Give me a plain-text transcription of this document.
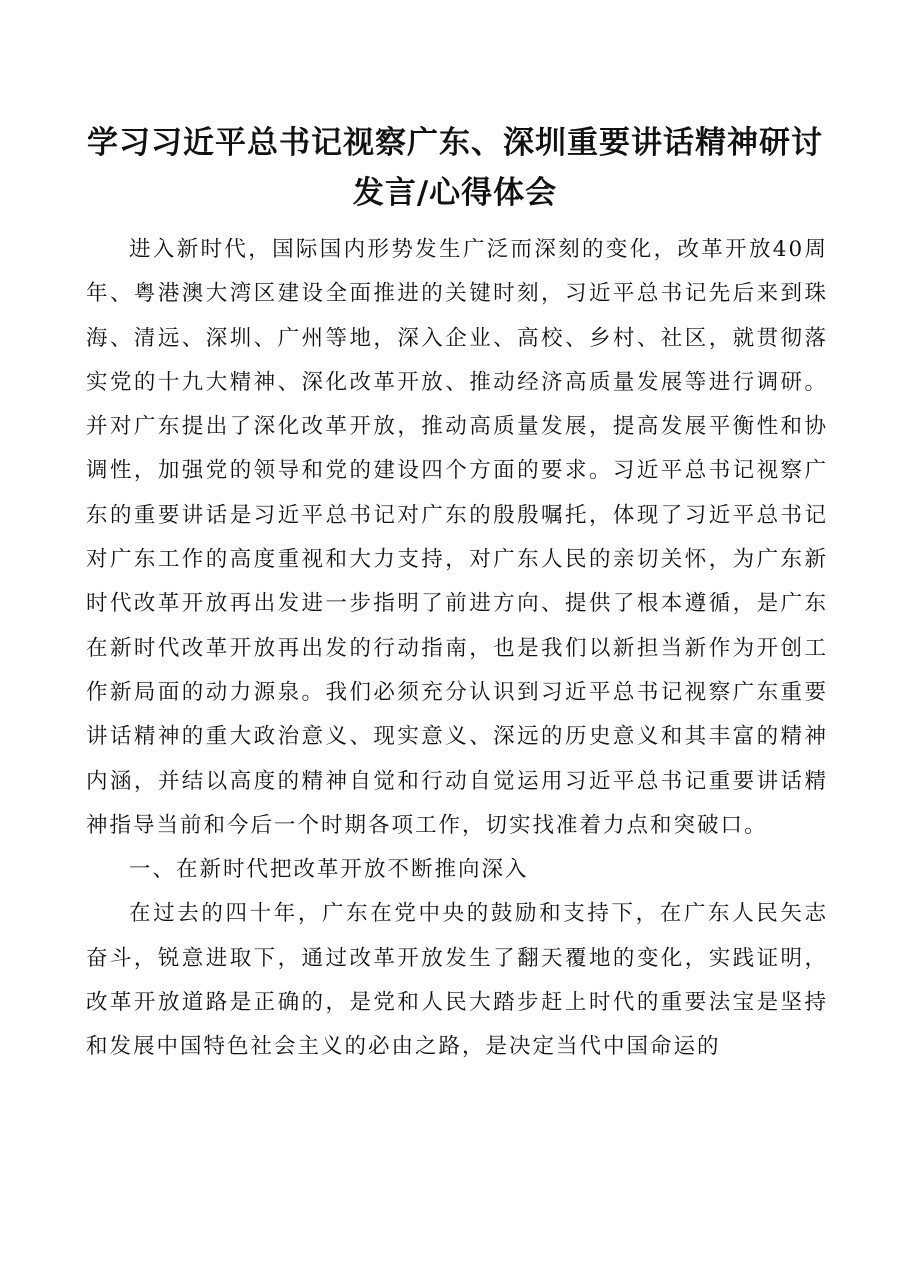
学习习近平总书记视察广东、深圳重要讲话精神研讨发言/心得体会

进入新时代，国际国内形势发生广泛而深刻的变化，改革开放40周年、粤港澳大湾区建设全面推进的关键时刻，习近平总书记先后来到珠海、清远、深圳、广州等地，深入企业、高校、乡村、社区，就贯彻落实党的十九大精神、深化改革开放、推动经济高质量发展等进行调研。并对广东提出了深化改革开放，推动高质量发展，提高发展平衡性和协调性，加强党的领导和党的建设四个方面的要求。习近平总书记视察广东的重要讲话是习近平总书记对广东的殷殷嘱托，体现了习近平总书记对广东工作的高度重视和大力支持，对广东人民的亲切关怀，为广东新时代改革开放再出发进一步指明了前进方向、提供了根本遵循，是广东在新时代改革开放再出发的行动指南，也是我们以新担当新作为开创工作新局面的动力源泉。我们必须充分认识到习近平总书记视察广东重要讲话精神的重大政治意义、现实意义、深远的历史意义和其丰富的精神内涵，并结以高度的精神自觉和行动自觉运用习近平总书记重要讲话精神指导当前和今后一个时期各项工作，切实找准着力点和突破口。

一、在新时代把改革开放不断推向深入

在过去的四十年，广东在党中央的鼓励和支持下，在广东人民矢志奋斗，锐意进取下，通过改革开放发生了翻天覆地的变化，实践证明，改革开放道路是正确的，是党和人民大踏步赶上时代的重要法宝是坚持和发展中国特色社会主义的必由之路，是决定当代中国命运的
